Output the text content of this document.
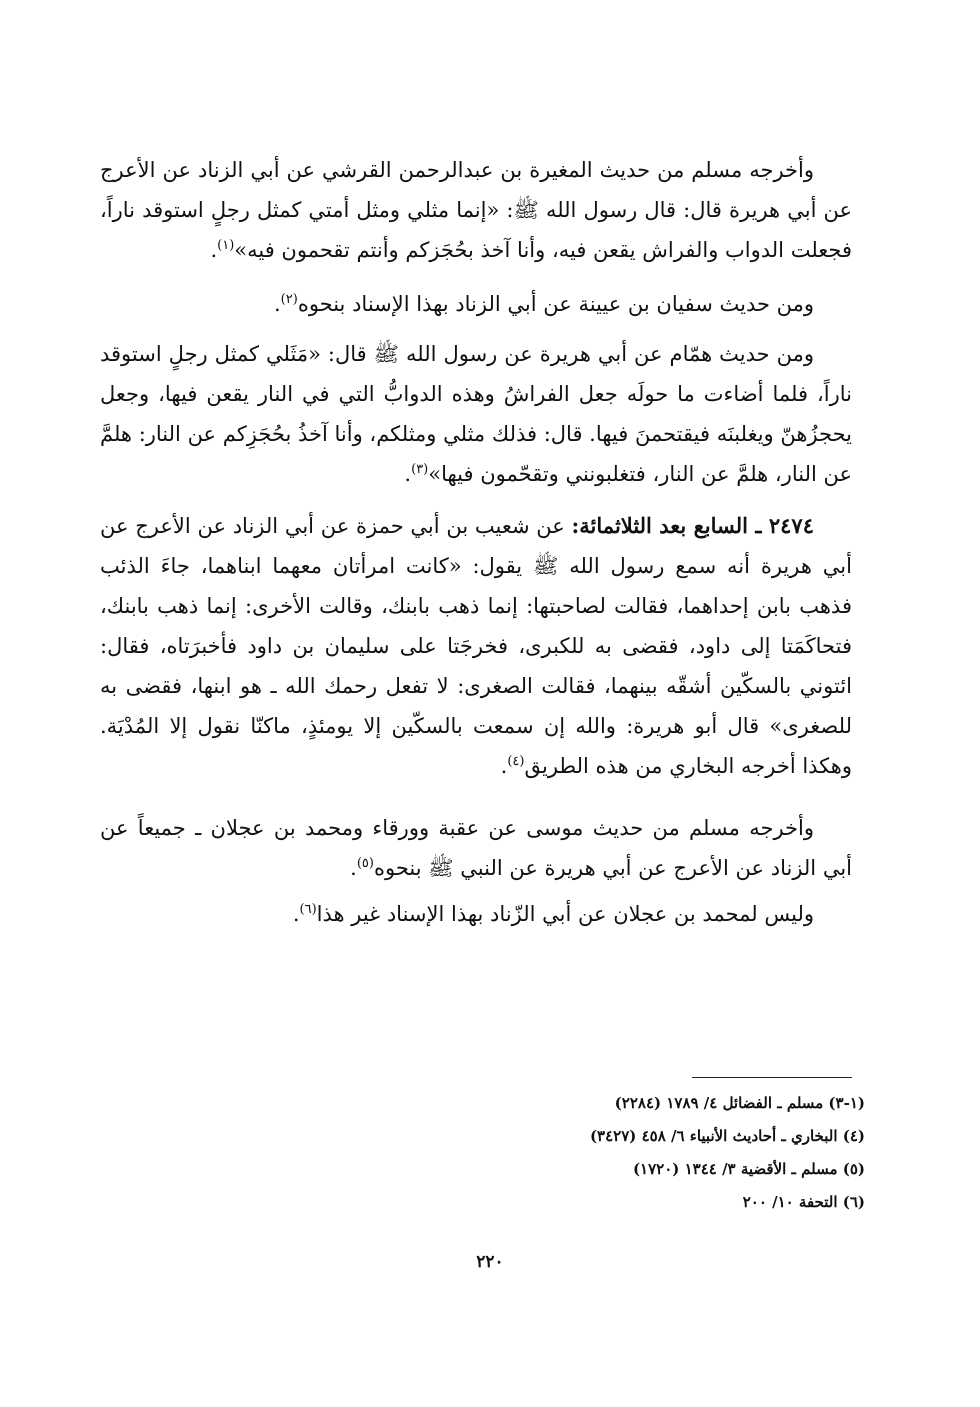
وأخرجه مسلم من حديث المغيرة بن عبدالرحمن القرشي عن أبي الزناد عن الأعرج عن أبي هريرة قال: قال رسول الله ﷺ: «إنما مثلي ومثل أمتي كمثل رجلٍ استوقد ناراً، فجعلت الدواب والفراش يقعن فيه، وأنا آخذ بحُجَزكم وأنتم تقحمون فيه»$^{(١)}$.

ومن حديث سفيان بن عيينة عن أبي الزناد بهذا الإسناد بنحوه$^{(٢)}$.

ومن حديث همّام عن أبي هريرة عن رسول الله ﷺ قال: «مَثَلي كمثل رجلٍ استوقد ناراً، فلما أضاءت ما حولَه جعل الفراشُ وهذه الدوابُّ التي في النار يقعن فيها، وجعل يحجزُهنّ ويغلبنَه فيقتحمنَ فيها. قال: فذلك مثلي ومثلكم، وأنا آخذُ بحُجَزِكم عن النار: هلمَّ عن النار، هلمَّ عن النار، فتغلبونني وتقحّمون فيها»$^{(٣)}$.

٢٤٧٤ ـ السابع بعد الثلاثمائة: عن شعيب بن أبي حمزة عن أبي الزناد عن الأعرج عن أبي هريرة أنه سمع رسول الله ﷺ يقول: «كانت امرأتان معهما ابناهما، جاءَ الذئب فذهب بابن إحداهما، فقالت لصاحبتها: إنما ذهب بابنك، وقالت الأخرى: إنما ذهب بابنك، فتحاكَمَتا إلى داود، فقضى به للكبرى، فخرجَتا على سليمان بن داود فأخبرَتاه، فقال: ائتوني بالسكّين أشقّه بينهما، فقالت الصغرى: لا تفعل رحمك الله ـ هو ابنها، فقضى به للصغرى» قال أبو هريرة: والله إن سمعت بالسكّين إلا يومئذٍ، ماكنّا نقول إلا المُدْيَة. وهكذا أخرجه البخاري من هذه الطريق$^{(٤)}$.

وأخرجه مسلم من حديث موسى عن عقبة وورقاء ومحمد بن عجلان ـ جميعاً عن أبي الزناد عن الأعرج عن أبي هريرة عن النبي ﷺ بنحوه$^{(٥)}$.

وليس لمحمد بن عجلان عن أبي الزّناد بهذا الإسناد غير هذا$^{(٦)}$.

(١-٣) مسلم ـ الفضائل ٤/ ١٧٨٩ (٢٢٨٤)

(٤) البخاري ـ أحاديث الأنبياء ٦/ ٤٥٨ (٣٤٢٧)

(٥) مسلم ـ الأقضية ٣/ ١٣٤٤ (١٧٢٠)

(٦) التحفة ١٠/ ٢٠٠

٢٢٠
